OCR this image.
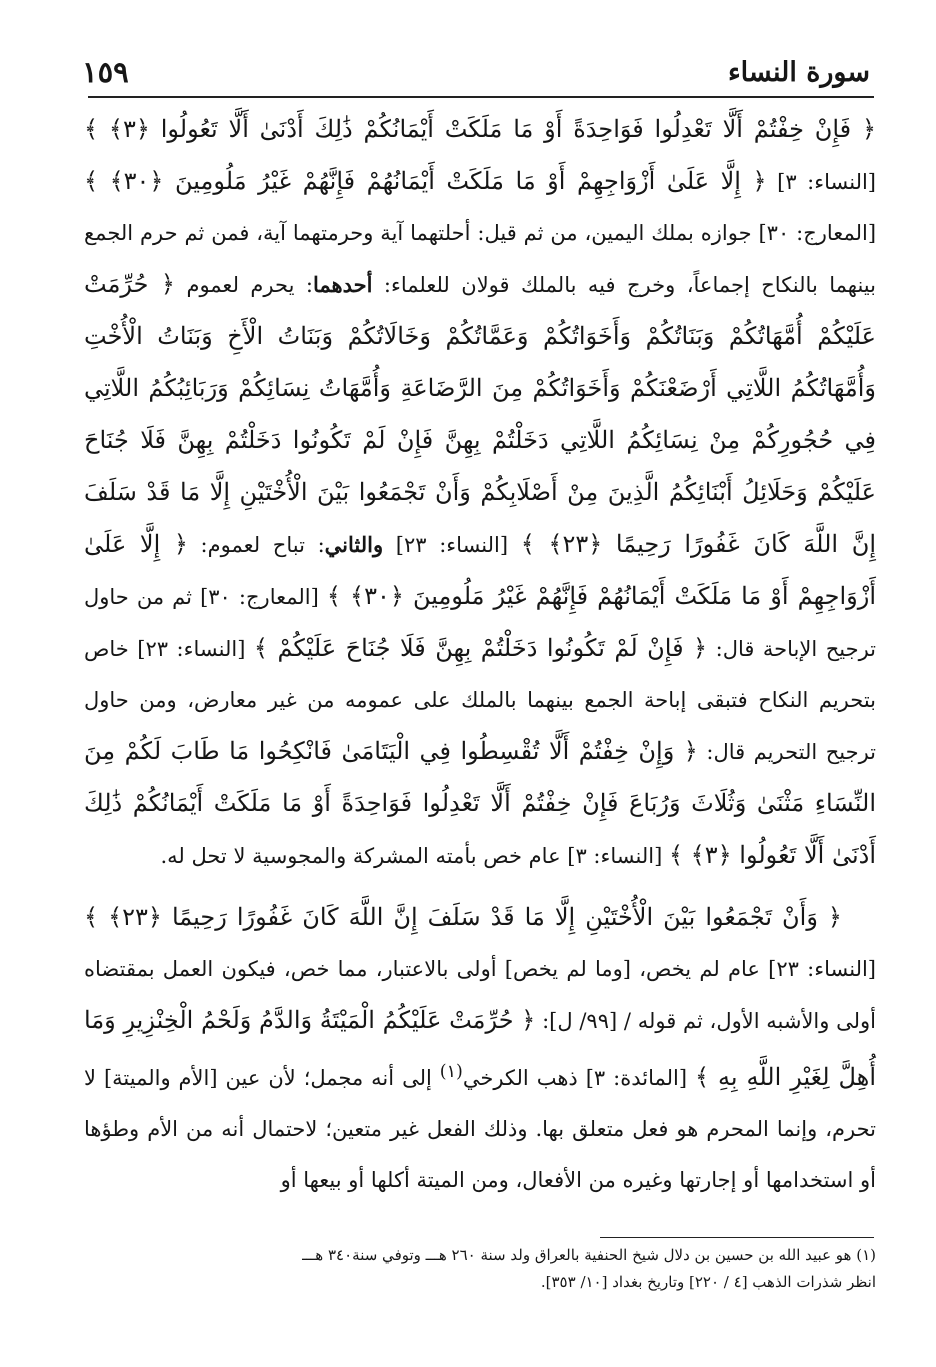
سورة النساء
١٥٩

﴿ فَإِنْ خِفْتُمْ أَلَّا تَعْدِلُوا فَوَاحِدَةً أَوْ مَا مَلَكَتْ أَيْمَانُكُمْ ذَٰلِكَ أَدْنَىٰ أَلَّا تَعُولُوا ﴿٣﴾ ﴾ [النساء: ٣] ﴿ إِلَّا عَلَىٰ أَزْوَاجِهِمْ أَوْ مَا مَلَكَتْ أَيْمَانُهُمْ فَإِنَّهُمْ غَيْرُ مَلُومِينَ ﴿٣٠﴾ ﴾ [المعارج: ٣٠] جوازه بملك اليمين، من ثم قيل: أحلتهما آية وحرمتهما آية، فمن ثم حرم الجمع بينهما بالنكاح إجماعاً، وخرج فيه بالملك قولان للعلماء: أحدهما: يحرم لعموم ﴿ حُرِّمَتْ عَلَيْكُمْ أُمَّهَاتُكُمْ وَبَنَاتُكُمْ وَأَخَوَاتُكُمْ وَعَمَّاتُكُمْ وَخَالَاتُكُمْ وَبَنَاتُ الْأَخِ وَبَنَاتُ الْأُخْتِ وَأُمَّهَاتُكُمُ اللَّاتِي أَرْضَعْنَكُمْ وَأَخَوَاتُكُمْ مِنَ الرَّضَاعَةِ وَأُمَّهَاتُ نِسَائِكُمْ وَرَبَائِبُكُمُ اللَّاتِي فِي حُجُورِكُمْ مِنْ نِسَائِكُمُ اللَّاتِي دَخَلْتُمْ بِهِنَّ فَإِنْ لَمْ تَكُونُوا دَخَلْتُمْ بِهِنَّ فَلَا جُنَاحَ عَلَيْكُمْ وَحَلَائِلُ أَبْنَائِكُمُ الَّذِينَ مِنْ أَصْلَابِكُمْ وَأَنْ تَجْمَعُوا بَيْنَ الْأُخْتَيْنِ إِلَّا مَا قَدْ سَلَفَ إِنَّ اللَّهَ كَانَ غَفُورًا رَحِيمًا ﴿٢٣﴾ ﴾ [النساء: ٢٣] والثاني: تباح لعموم: ﴿ إِلَّا عَلَىٰ أَزْوَاجِهِمْ أَوْ مَا مَلَكَتْ أَيْمَانُهُمْ فَإِنَّهُمْ غَيْرُ مَلُومِينَ ﴿٣٠﴾ ﴾ [المعارج: ٣٠] ثم من حاول ترجيح الإباحة قال: ﴿ فَإِنْ لَمْ تَكُونُوا دَخَلْتُمْ بِهِنَّ فَلَا جُنَاحَ عَلَيْكُمْ ﴾ [النساء: ٢٣] خاص بتحريم النكاح فتبقى إباحة الجمع بينهما بالملك على عمومه من غير معارض، ومن حاول ترجيح التحريم قال: ﴿ وَإِنْ خِفْتُمْ أَلَّا تُقْسِطُوا فِي الْيَتَامَىٰ فَانْكِحُوا مَا طَابَ لَكُمْ مِنَ النِّسَاءِ مَثْنَىٰ وَثُلَاثَ وَرُبَاعَ فَإِنْ خِفْتُمْ أَلَّا تَعْدِلُوا فَوَاحِدَةً أَوْ مَا مَلَكَتْ أَيْمَانُكُمْ ذَٰلِكَ أَدْنَىٰ أَلَّا تَعُولُوا ﴿٣﴾ ﴾ [النساء: ٣] عام خص بأمته المشركة والمجوسية لا تحل له.

﴿ وَأَنْ تَجْمَعُوا بَيْنَ الْأُخْتَيْنِ إِلَّا مَا قَدْ سَلَفَ إِنَّ اللَّهَ كَانَ غَفُورًا رَحِيمًا ﴿٢٣﴾ ﴾ [النساء: ٢٣] عام لم يخص، [وما لم يخص] أولى بالاعتبار، مما خص، فيكون العمل بمقتضاه أولى والأشبه الأول، ثم قوله / [٩٩/ ل]: ﴿ حُرِّمَتْ عَلَيْكُمُ الْمَيْتَةُ وَالدَّمُ وَلَحْمُ الْخِنْزِيرِ وَمَا أُهِلَّ لِغَيْرِ اللَّهِ بِهِ ﴾ [المائدة: ٣] ذهب الكرخي$^{(١)}$ إلى أنه مجمل؛ لأن عين [الأم والميتة] لا تحرم، وإنما المحرم هو فعل متعلق بها. وذلك الفعل غير متعين؛ لاحتمال أنه من الأم وطؤها أو استخدامها أو إجارتها وغيره من الأفعال، ومن الميتة أكلها أو بيعها أو

(١) هو عبيد الله بن حسين بن دلال شيخ الحنفية بالعراق ولد سنة ٢٦٠ هـــ وتوفي سنة٣٤٠ هـــ

انظر شذرات الذهب [٤ / ٢٢٠] وتاريخ بغداد [١٠/ ٣٥٣].
